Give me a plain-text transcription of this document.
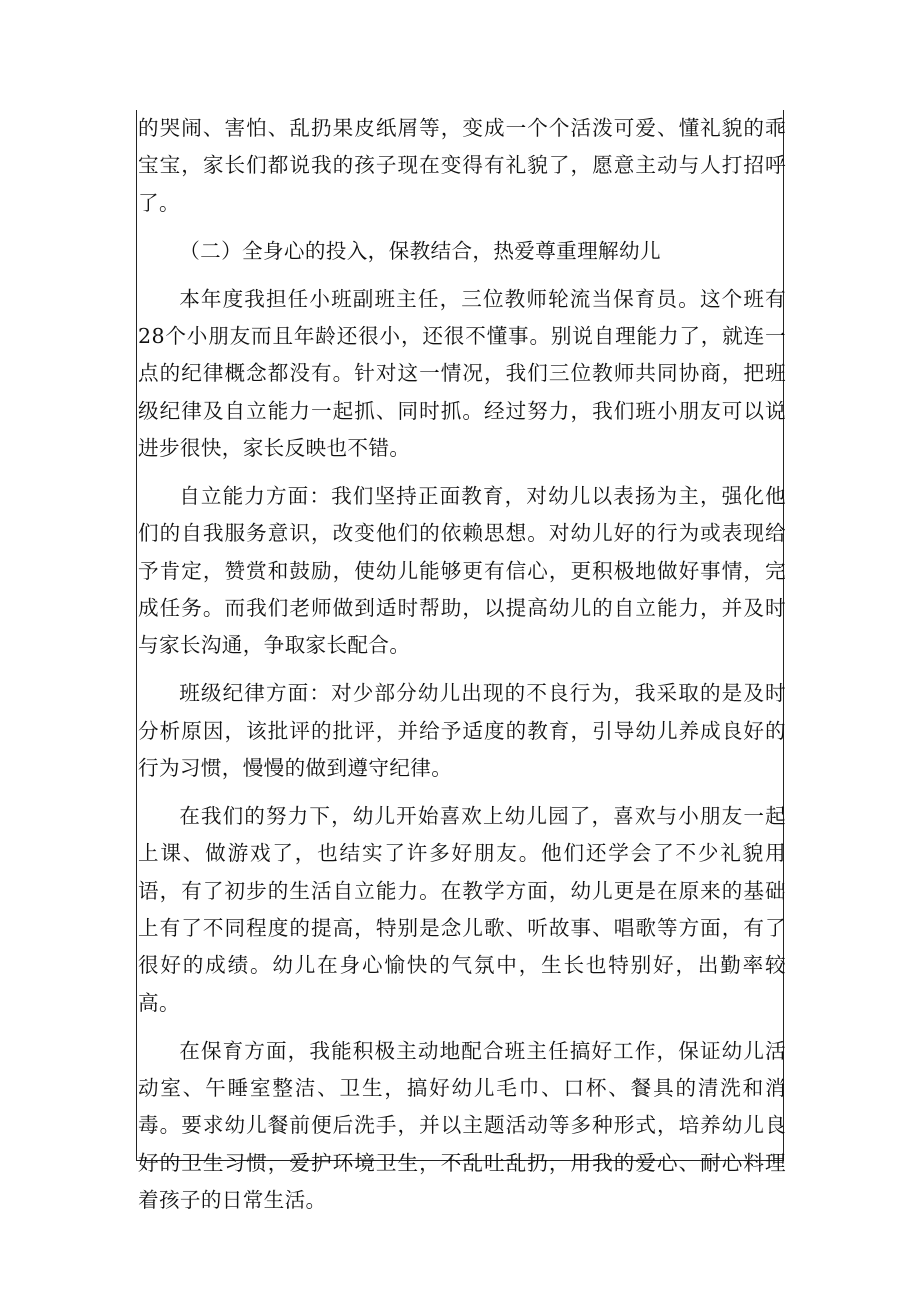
的哭闹、害怕、乱扔果皮纸屑等，变成一个个活泼可爱、懂礼貌的乖宝宝，家长们都说我的孩子现在变得有礼貌了，愿意主动与人打招呼了。

（二）全身心的投入，保教结合，热爱尊重理解幼儿

本年度我担任小班副班主任，三位教师轮流当保育员。这个班有28个小朋友而且年龄还很小，还很不懂事。别说自理能力了，就连一点的纪律概念都没有。针对这一情况，我们三位教师共同协商，把班级纪律及自立能力一起抓、同时抓。经过努力，我们班小朋友可以说进步很快，家长反映也不错。

自立能力方面：我们坚持正面教育，对幼儿以表扬为主，强化他们的自我服务意识，改变他们的依赖思想。对幼儿好的行为或表现给予肯定，赞赏和鼓励，使幼儿能够更有信心，更积极地做好事情，完成任务。而我们老师做到适时帮助，以提高幼儿的自立能力，并及时与家长沟通，争取家长配合。

班级纪律方面：对少部分幼儿出现的不良行为，我采取的是及时分析原因，该批评的批评，并给予适度的教育，引导幼儿养成良好的行为习惯，慢慢的做到遵守纪律。

在我们的努力下，幼儿开始喜欢上幼儿园了，喜欢与小朋友一起上课、做游戏了，也结实了许多好朋友。他们还学会了不少礼貌用语，有了初步的生活自立能力。在教学方面，幼儿更是在原来的基础上有了不同程度的提高，特别是念儿歌、听故事、唱歌等方面，有了很好的成绩。幼儿在身心愉快的气氛中，生长也特别好，出勤率较高。

在保育方面，我能积极主动地配合班主任搞好工作，保证幼儿活动室、午睡室整洁、卫生，搞好幼儿毛巾、口杯、餐具的清洗和消毒。要求幼儿餐前便后洗手，并以主题活动等多种形式，培养幼儿良好的卫生习惯，爱护环境卫生，不乱吐乱扔，用我的爱心、耐心料理着孩子的日常生活。
